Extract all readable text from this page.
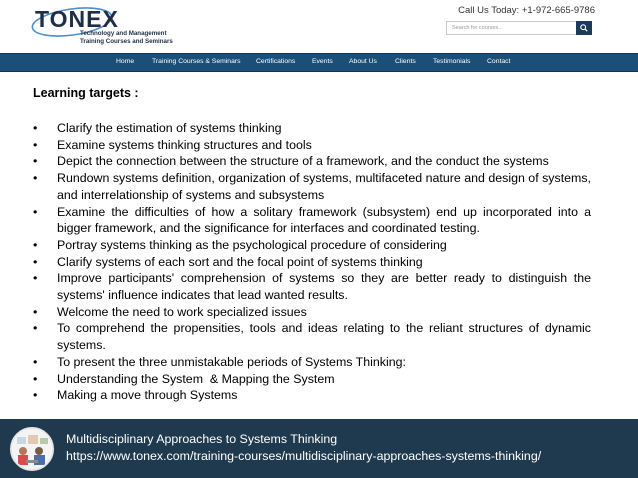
TONEX
Technology and Management
Training Courses and Seminars
Call Us Today: +1-972-665-9786
Search for courses...
Home	Training Courses & Seminars Certifications Events About Us	Clients	Testimonials Contact
Learning targets :
• Clarify the estimation of systems thinking
• Examine systems thinking structures and tools
• Depict the connection between the structure of a framework, and the conduct the systems
• Rundown systems definition, organization of systems, multifaceted nature and design of systems, and interrelationship of systems and subsystems
• Examine the difficulties of how a solitary framework (subsystem) end up incorporated into a bigger framework, and the significance for interfaces and coordinated testing.
• Portray systems thinking as the psychological procedure of considering
• Clarify systems of each sort and the focal point of systems thinking
• Improve participants' comprehension of systems so they are better ready to distinguish the systems' influence indicates that lead wanted results.
• Welcome the need to work specialized issues
• To comprehend the propensities, tools and ideas relating to the reliant structures of dynamic systems.
• To present the three unmistakable periods of Systems Thinking:
• Understanding the System  & Mapping the System
• Making a move through Systems
Multidisciplinary Approaches to Systems Thinking
https://www.tonex.com/training-courses/multidisciplinary-approaches-systems-thinking/
